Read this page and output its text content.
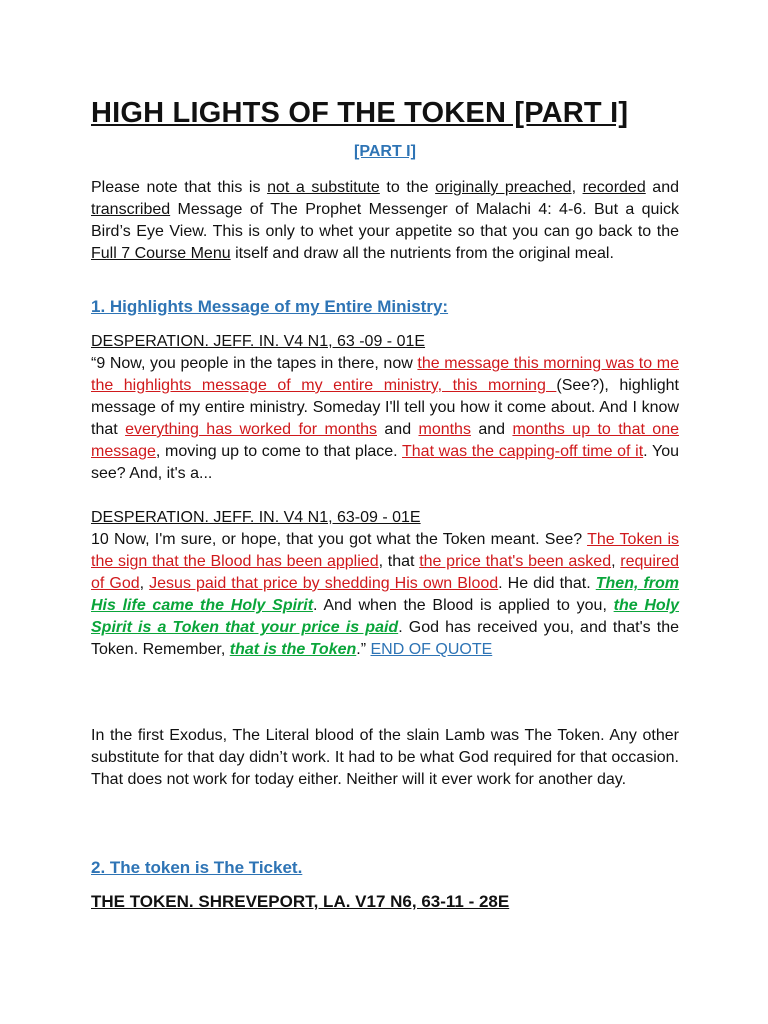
HIGH LIGHTS OF THE TOKEN [PART I]
[PART I]
Please note that this is not a substitute to the originally preached, recorded and transcribed Message of The Prophet Messenger of Malachi 4: 4-6. But a quick Bird’s Eye View. This is only to whet your appetite so that you can go back to the Full 7 Course Menu itself and draw all the nutrients from the original meal.
1. Highlights Message of my Entire Ministry:
DESPERATION. JEFF. IN. V4 N1, 63 -09 - 01E
“9 Now, you people in the tapes in there, now the message this morning was to me the highlights message of my entire ministry, this morning (See?), highlight message of my entire ministry. Someday I'll tell you how it come about. And I know that everything has worked for months and months and months up to that one message, moving up to come to that place. That was the capping-off time of it. You see? And, it's a...
DESPERATION. JEFF. IN. V4 N1, 63-09 - 01E
10 Now, I'm sure, or hope, that you got what the Token meant. See? The Token is the sign that the Blood has been applied, that the price that's been asked, required of God, Jesus paid that price by shedding His own Blood. He did that. Then, from His life came the Holy Spirit. And when the Blood is applied to you, the Holy Spirit is a Token that your price is paid. God has received you, and that's the Token. Remember, that is the Token.” END OF QUOTE
In the first Exodus, The Literal blood of the slain Lamb was The Token. Any other substitute for that day didn’t work. It had to be what God required for that occasion. That does not work for today either. Neither will it ever work for another day.
2. The token is The Ticket.
THE TOKEN. SHREVEPORT, LA. V17 N6, 63-11 - 28E
